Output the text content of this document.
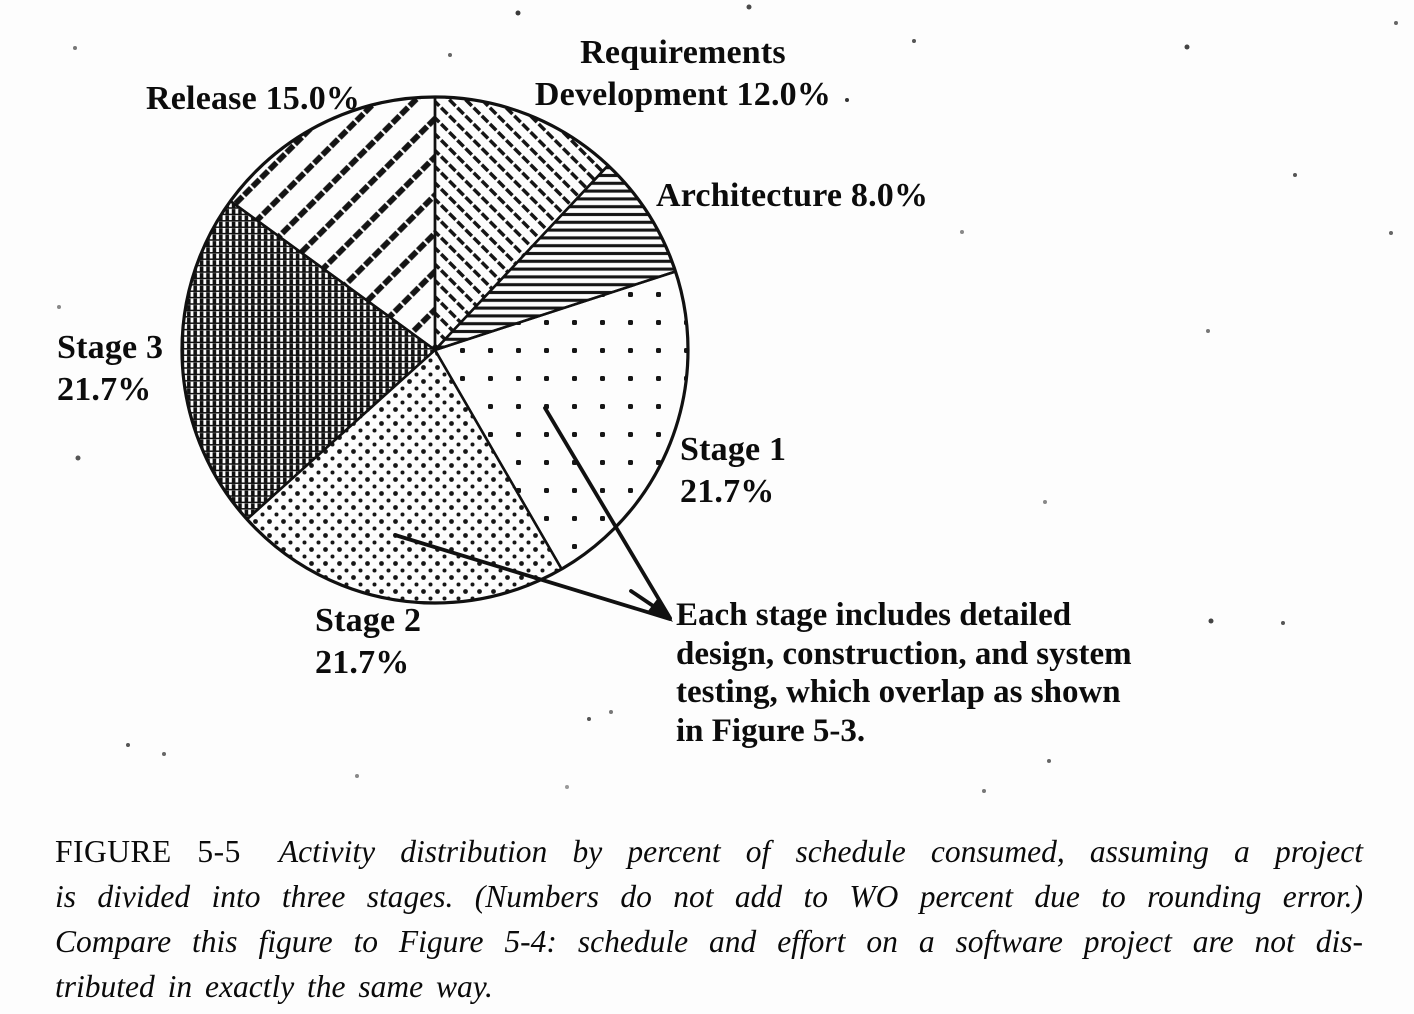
Requirements
Development 12.0%
Release 15.0%
Architecture 8.0%
Stage 3
21.7%
Stage 1
21.7%
Stage 2
21.7%
Each stage includes detailed
design, construction, and system
testing, which overlap as shown
in Figure 5-3.
FIGURE 5-5 Activity distribution by percent of schedule consumed, assuming a project
is divided into three stages. (Numbers do not add to WO percent due to rounding error.)
Compare this figure to Figure 5-4: schedule and effort on a software project are not dis-
tributed in exactly the same way.
